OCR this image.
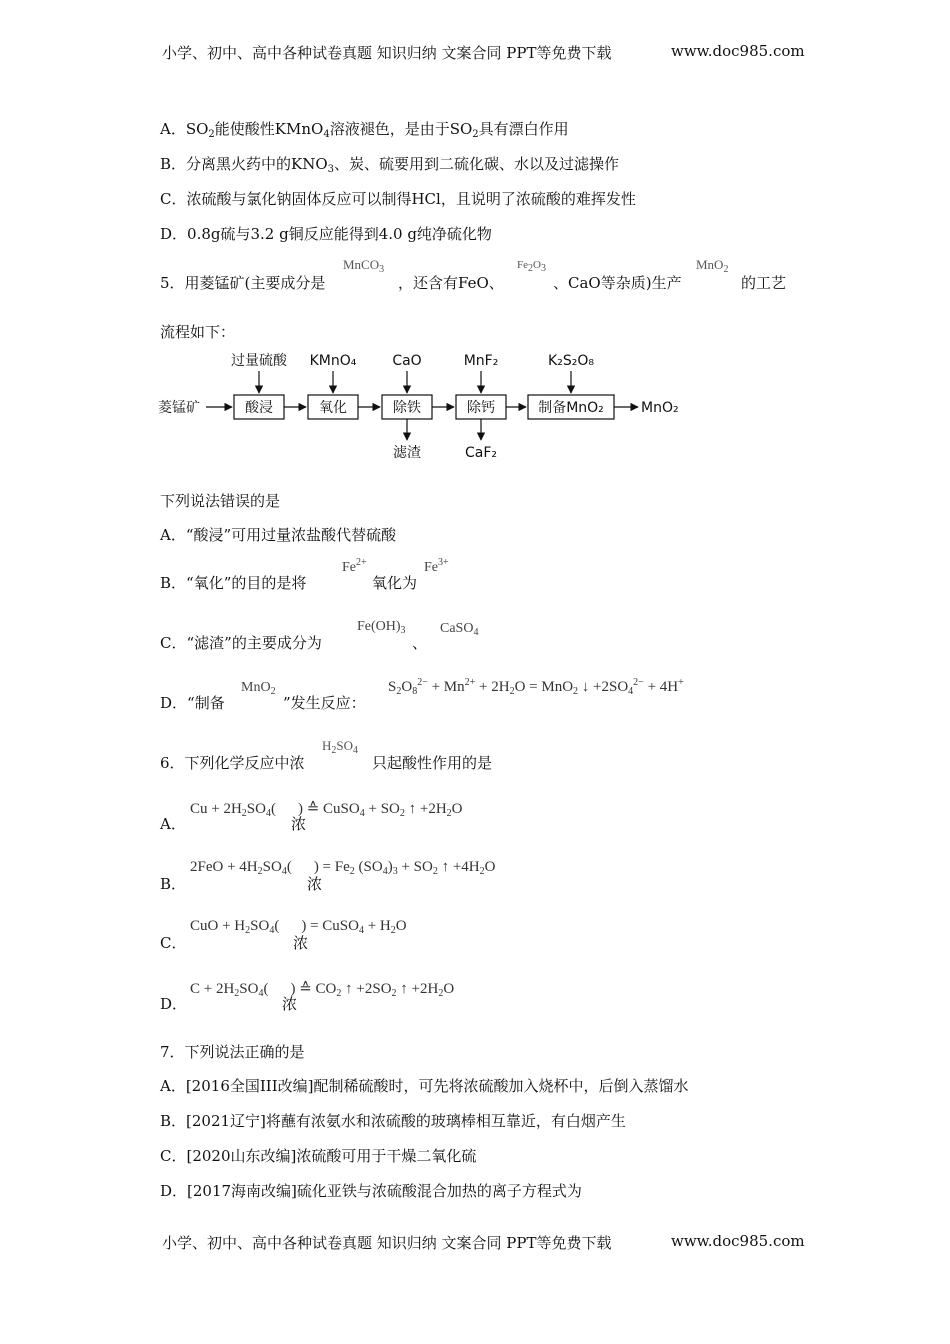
小学、初中、高中各种试卷真题 知识归纳 文案合同 PPT等免费下载	www.doc985.com
A．$SO_2$能使酸性KMnO$_4$溶液褪色，是由于$SO_2$具有漂白作用
B．分离黑火药中的$KNO_3$、炭、硫要用到二硫化碳、水以及过滤操作
C．浓硫酸与氯化钠固体反应可以制得HCl，且说明了浓硫酸的难挥发性
D．0.8g硫与3.2 g铜反应能得到4.0 g纯净硫化物
5．用菱锰矿(主要成分是
MnCO$_3$
，还含有FeO、
$Fe_2O_3$
、CaO等杂质)生产
MnO$_2$
的工艺
流程如下：
菱锰矿	酸浸	氧化	除铁	除钙	制备MnO₂	MnO₂
过量硫酸 KMnO₄	CaO	MnF₂	K₂S₂O₈
滤渣	CaF₂
下列说法错误的是
A．“酸浸”可用过量浓盐酸代替硫酸
B．“氧化”的目的是将
$Fe^{2+}$
氧化为
$Fe^{3+}$
C．“滤渣”的主要成分为
$Fe(OH)_3$
、
CaSO$_4$
D．“制备
MnO$_2$
”发生反应：
$S_2O_8^{2-} + Mn^{2+} + 2H_2O = MnO_2$ ↓ $+2SO_4^{2-} + 4H^+$
6．下列化学反应中浓
$H_2SO_4$
只起酸性作用的是
A．
$Cu + 2H_2SO_4$( ) ≙ CuSO$_4$ + $SO_2$ ↑ $+2H_2O$
浓
B．
$2FeO + 4H_2SO_4$( ) = $Fe_2$ $(SO_4)_3 + SO_2$ ↑ $+4H_2O$
浓
C．
CuO + $H_2SO_4$( ) = CuSO$_4$ + $H_2O$
浓
D．
$C + 2H_2SO_4$( ) ≙ $CO_2$ ↑ $+2SO_2$ ↑ $+2H_2O$
浓
7．下列说法正确的是
A．[2016全国III改编]配制稀硫酸时，可先将浓硫酸加入烧杯中，后倒入蒸馏水
B．[2021辽宁]将蘸有浓氨水和浓硫酸的玻璃棒相互靠近，有白烟产生
C．[2020山东改编]浓硫酸可用于干燥二氧化硫
D．[2017海南改编]硫化亚铁与浓硫酸混合加热的离子方程式为
小学、初中、高中各种试卷真题 知识归纳 文案合同 PPT等免费下载	www.doc985.com
